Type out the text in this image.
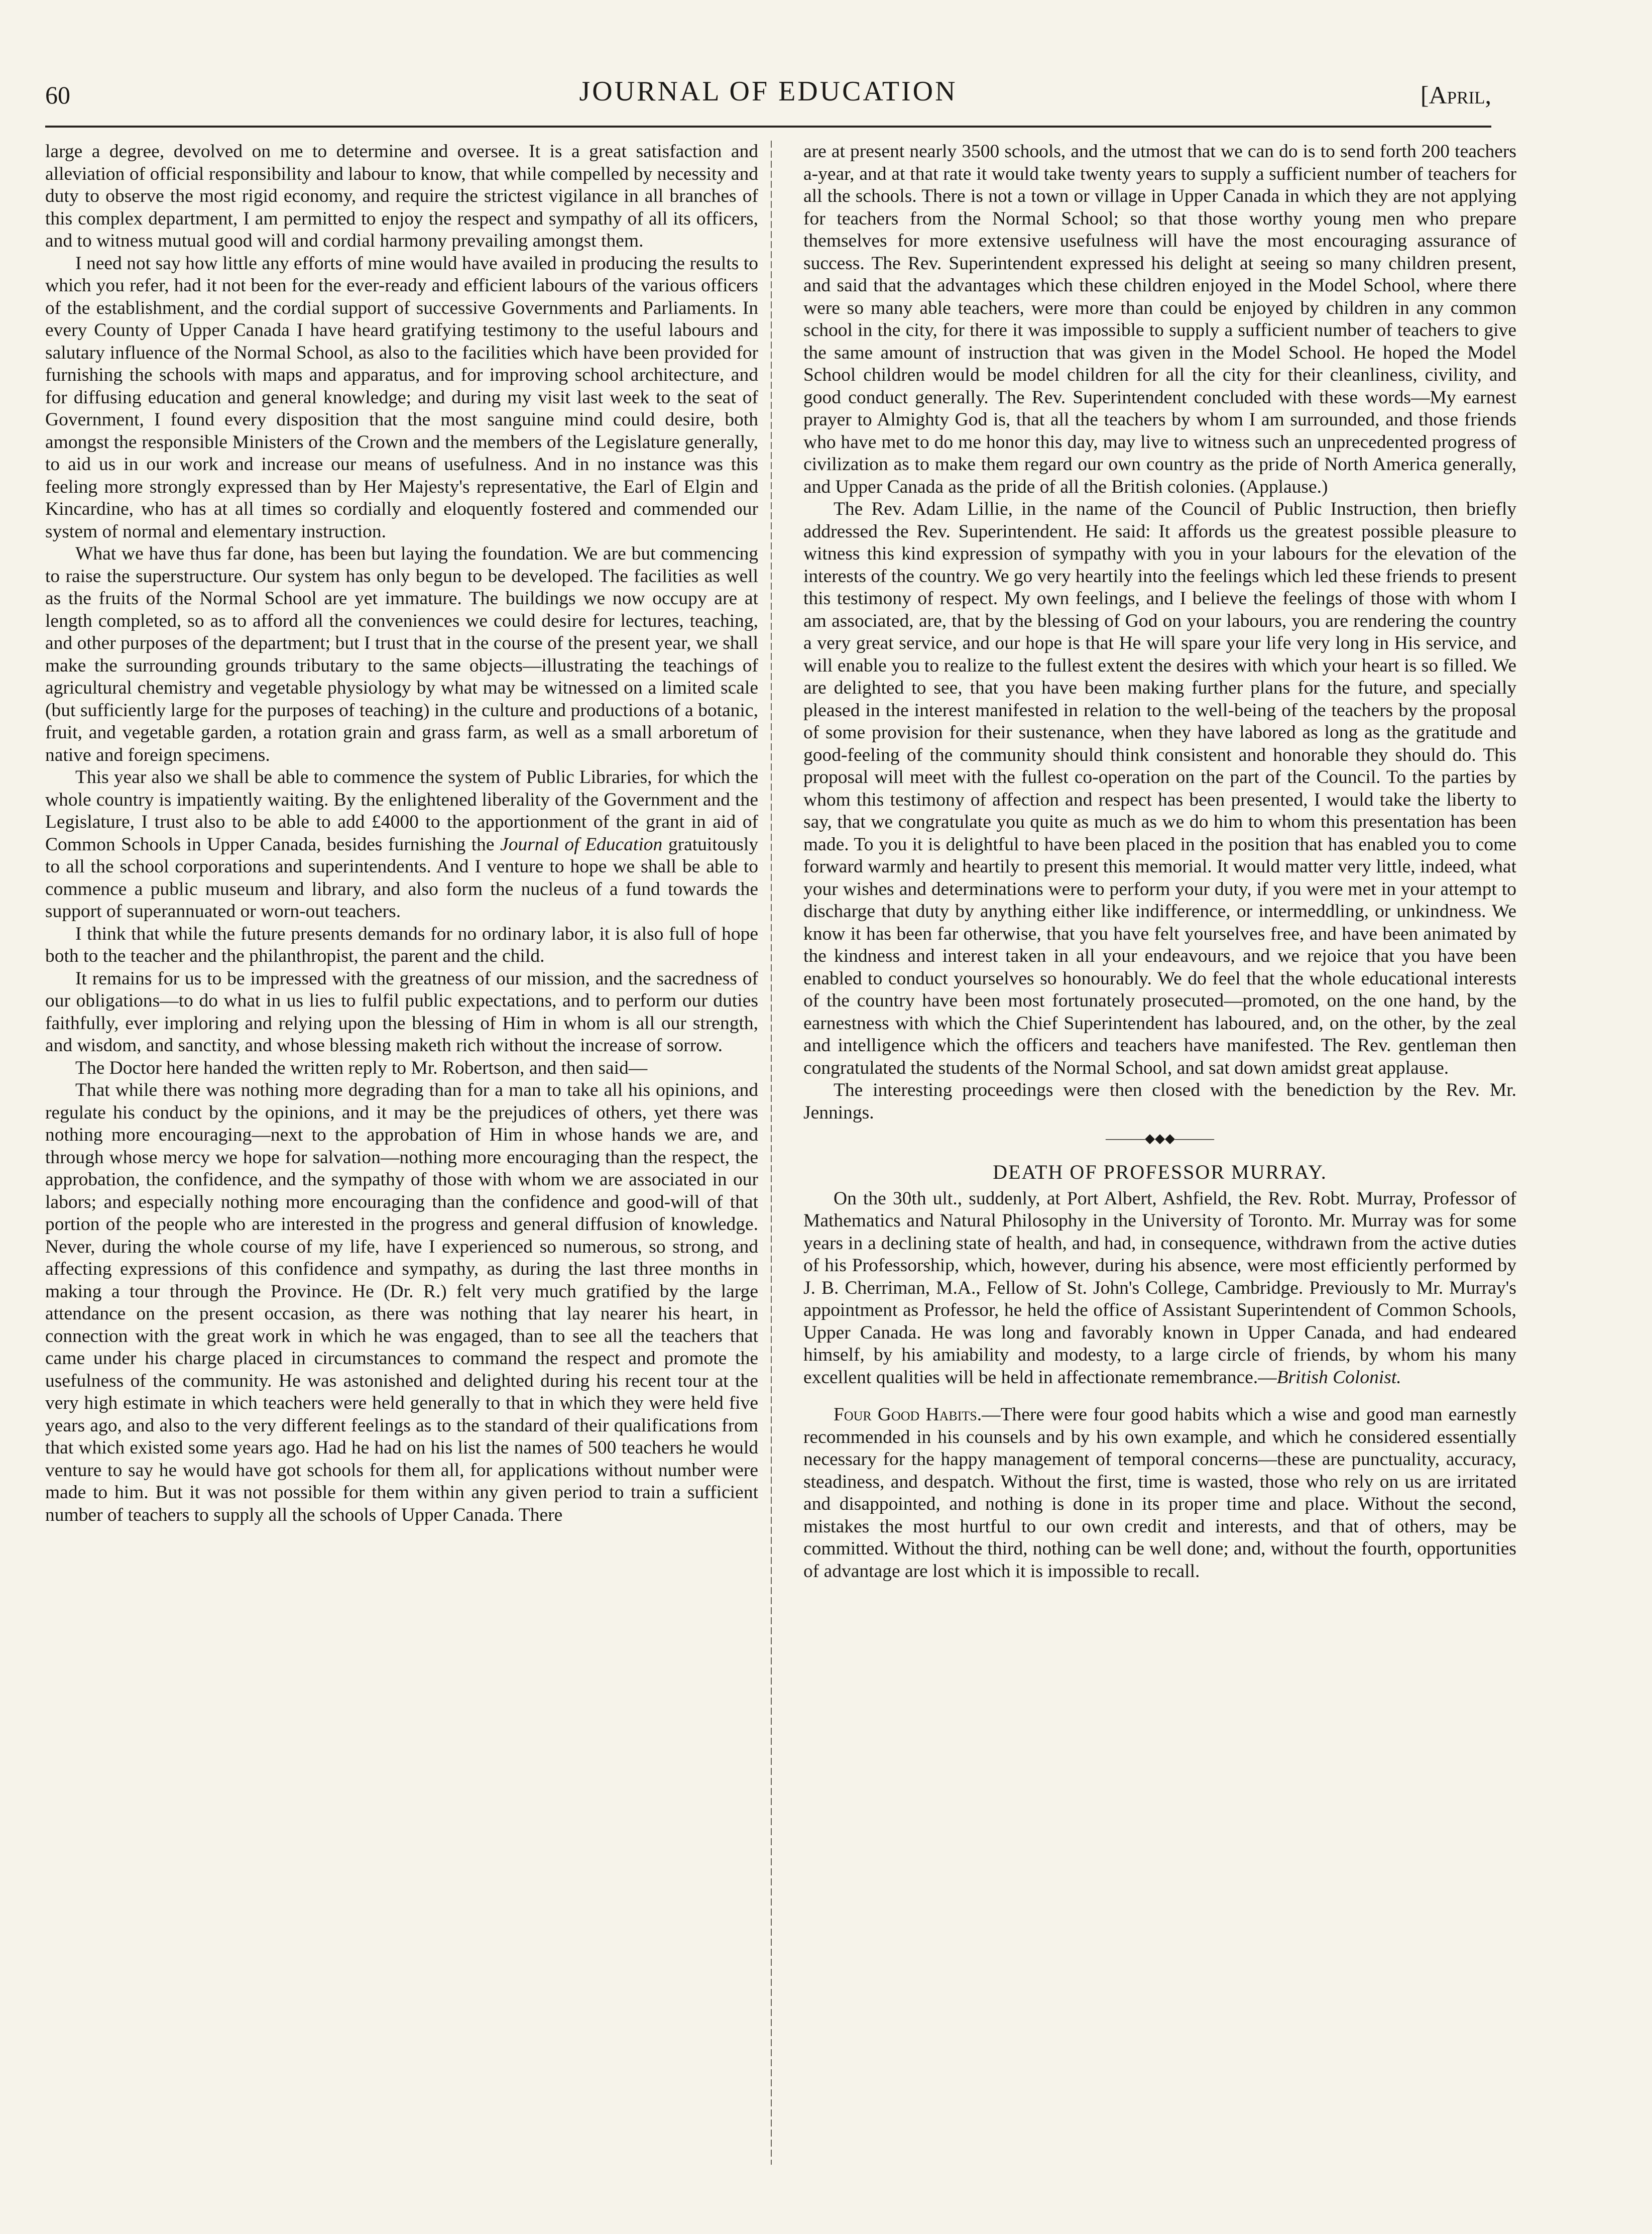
60	JOURNAL OF EDUCATION	[April,

large a degree, devolved on me to determine and oversee. It is a great satisfaction and alleviation of official responsibility and labour to know, that while compelled by necessity and duty to observe the most rigid economy, and require the strictest vigilance in all branches of this complex department, I am permitted to enjoy the respect and sympathy of all its officers, and to witness mutual good will and cordial harmony prevailing amongst them.

I need not say how little any efforts of mine would have availed in producing the results to which you refer, had it not been for the ever-ready and efficient labours of the various officers of the establishment, and the cordial support of successive Governments and Parliaments. In every County of Upper Canada I have heard gratifying testimony to the useful labours and salutary influence of the Normal School, as also to the facilities which have been provided for furnishing the schools with maps and apparatus, and for improving school architecture, and for diffusing education and general knowledge; and during my visit last week to the seat of Government, I found every disposition that the most sanguine mind could desire, both amongst the responsible Ministers of the Crown and the members of the Legislature generally, to aid us in our work and increase our means of usefulness. And in no instance was this feeling more strongly expressed than by Her Majesty's representative, the Earl of Elgin and Kincardine, who has at all times so cordially and eloquently fostered and commended our system of normal and elementary instruction.

What we have thus far done, has been but laying the foundation. We are but commencing to raise the superstructure. Our system has only begun to be developed. The facilities as well as the fruits of the Normal School are yet immature. The buildings we now occupy are at length completed, so as to afford all the conveniences we could desire for lectures, teaching, and other purposes of the department; but I trust that in the course of the present year, we shall make the surrounding grounds tributary to the same objects—illustrating the teachings of agricultural chemistry and vegetable physiology by what may be witnessed on a limited scale (but sufficiently large for the purposes of teaching) in the culture and productions of a botanic, fruit, and vegetable garden, a rotation grain and grass farm, as well as a small arboretum of native and foreign specimens.

This year also we shall be able to commence the system of Public Libraries, for which the whole country is impatiently waiting. By the enlightened liberality of the Government and the Legislature, I trust also to be able to add £4000 to the apportionment of the grant in aid of Common Schools in Upper Canada, besides furnishing the Journal of Education gratuitously to all the school corporations and superintendents. And I venture to hope we shall be able to commence a public museum and library, and also form the nucleus of a fund towards the support of superannuated or worn-out teachers.

I think that while the future presents demands for no ordinary labor, it is also full of hope both to the teacher and the philanthropist, the parent and the child.

It remains for us to be impressed with the greatness of our mission, and the sacredness of our obligations—to do what in us lies to fulfil public expectations, and to perform our duties faithfully, ever imploring and relying upon the blessing of Him in whom is all our strength, and wisdom, and sanctity, and whose blessing maketh rich without the increase of sorrow.

The Doctor here handed the written reply to Mr. Robertson, and then said—

That while there was nothing more degrading than for a man to take all his opinions, and regulate his conduct by the opinions, and it may be the prejudices of others, yet there was nothing more encouraging—next to the approbation of Him in whose hands we are, and through whose mercy we hope for salvation—nothing more encouraging than the respect, the approbation, the confidence, and the sympathy of those with whom we are associated in our labors; and especially nothing more encouraging than the confidence and good-will of that portion of the people who are interested in the progress and general diffusion of knowledge. Never, during the whole course of my life, have I experienced so numerous, so strong, and affecting expressions of this confidence and sympathy, as during the last three months in making a tour through the Province. He (Dr. R.) felt very much gratified by the large attendance on the present occasion, as there was nothing that lay nearer his heart, in connection with the great work in which he was engaged, than to see all the teachers that came under his charge placed in circumstances to command the respect and promote the usefulness of the community. He was astonished and delighted during his recent tour at the very high estimate in which teachers were held generally to that in which they were held five years ago, and also to the very different feelings as to the standard of their qualifications from that which existed some years ago. Had he had on his list the names of 500 teachers he would venture to say he would have got schools for them all, for applications without number were made to him. But it was not possible for them within any given period to train a sufficient number of teachers to supply all the schools of Upper Canada. There

are at present nearly 3500 schools, and the utmost that we can do is to send forth 200 teachers a-year, and at that rate it would take twenty years to supply a sufficient number of teachers for all the schools. There is not a town or village in Upper Canada in which they are not applying for teachers from the Normal School; so that those worthy young men who prepare themselves for more extensive usefulness will have the most encouraging assurance of success. The Rev. Superintendent expressed his delight at seeing so many children present, and said that the advantages which these children enjoyed in the Model School, where there were so many able teachers, were more than could be enjoyed by children in any common school in the city, for there it was impossible to supply a sufficient number of teachers to give the same amount of instruction that was given in the Model School. He hoped the Model School children would be model children for all the city for their cleanliness, civility, and good conduct generally. The Rev. Superintendent concluded with these words—My earnest prayer to Almighty God is, that all the teachers by whom I am surrounded, and those friends who have met to do me honor this day, may live to witness such an unprecedented progress of civilization as to make them regard our own country as the pride of North America generally, and Upper Canada as the pride of all the British colonies. (Applause.)

The Rev. Adam Lillie, in the name of the Council of Public Instruction, then briefly addressed the Rev. Superintendent. He said: It affords us the greatest possible pleasure to witness this kind expression of sympathy with you in your labours for the elevation of the interests of the country. We go very heartily into the feelings which led these friends to present this testimony of respect. My own feelings, and I believe the feelings of those with whom I am associated, are, that by the blessing of God on your labours, you are rendering the country a very great service, and our hope is that He will spare your life very long in His service, and will enable you to realize to the fullest extent the desires with which your heart is so filled. We are delighted to see, that you have been making further plans for the future, and specially pleased in the interest manifested in relation to the well-being of the teachers by the proposal of some provision for their sustenance, when they have labored as long as the gratitude and good-feeling of the community should think consistent and honorable they should do. This proposal will meet with the fullest co-operation on the part of the Council. To the parties by whom this testimony of affection and respect has been presented, I would take the liberty to say, that we congratulate you quite as much as we do him to whom this presentation has been made. To you it is delightful to have been placed in the position that has enabled you to come forward warmly and heartily to present this memorial. It would matter very little, indeed, what your wishes and determinations were to perform your duty, if you were met in your attempt to discharge that duty by anything either like indifference, or intermeddling, or unkindness. We know it has been far otherwise, that you have felt yourselves free, and have been animated by the kindness and interest taken in all your endeavours, and we rejoice that you have been enabled to conduct yourselves so honourably. We do feel that the whole educational interests of the country have been most fortunately prosecuted—promoted, on the one hand, by the earnestness with which the Chief Superintendent has laboured, and, on the other, by the zeal and intelligence which the officers and teachers have manifested. The Rev. gentleman then congratulated the students of the Normal School, and sat down amidst great applause.

The interesting proceedings were then closed with the benediction by the Rev. Mr. Jennings.

———◆◆◆———
DEATH OF PROFESSOR MURRAY.

On the 30th ult., suddenly, at Port Albert, Ashfield, the Rev. Robt. Murray, Professor of Mathematics and Natural Philosophy in the University of Toronto. Mr. Murray was for some years in a declining state of health, and had, in consequence, withdrawn from the active duties of his Professorship, which, however, during his absence, were most efficiently performed by J. B. Cherriman, M.A., Fellow of St. John's College, Cambridge. Previously to Mr. Murray's appointment as Professor, he held the office of Assistant Superintendent of Common Schools, Upper Canada. He was long and favorably known in Upper Canada, and had endeared himself, by his amiability and modesty, to a large circle of friends, by whom his many excellent qualities will be held in affectionate remembrance.—British Colonist.

Four Good Habits.—There were four good habits which a wise and good man earnestly recommended in his counsels and by his own example, and which he considered essentially necessary for the happy management of temporal concerns—these are punctuality, accuracy, steadiness, and despatch. Without the first, time is wasted, those who rely on us are irritated and disappointed, and nothing is done in its proper time and place. Without the second, mistakes the most hurtful to our own credit and interests, and that of others, may be committed. Without the third, nothing can be well done; and, without the fourth, opportunities of advantage are lost which it is impossible to recall.
